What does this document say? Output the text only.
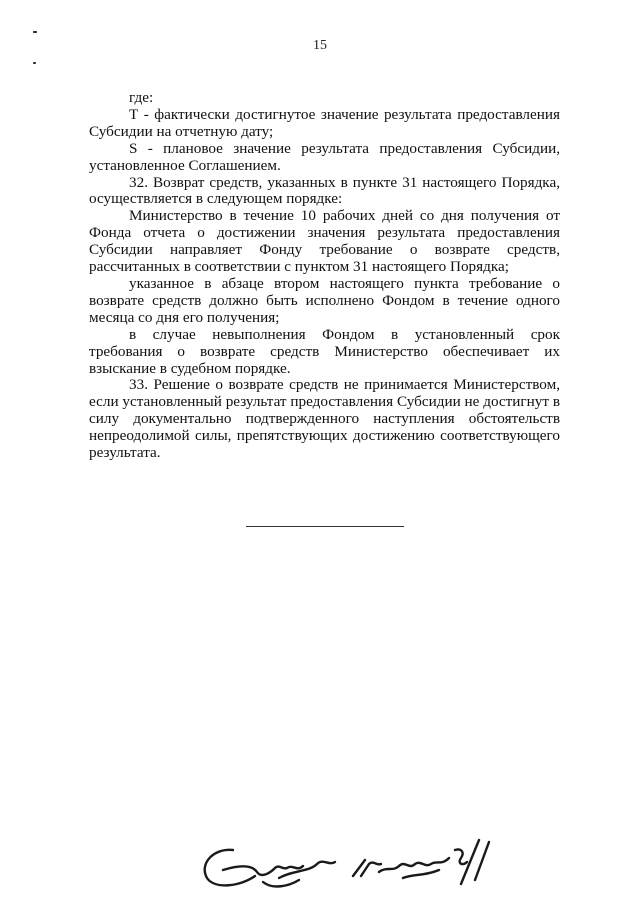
15

где:

Т - фактически достигнутое значение результата предоставления Субсидии на отчетную дату;

S - плановое значение результата предоставления Субсидии, установленное Соглашением.

32. Возврат средств, указанных в пункте 31 настоящего Порядка, осуществляется в следующем порядке:

Министерство в течение 10 рабочих дней со дня получения от Фонда отчета о достижении значения результата предоставления Субсидии направляет Фонду требование о возврате средств, рассчитанных в соответствии с пунктом 31 настоящего Порядка;

указанное в абзаце втором настоящего пункта требование о возврате средств должно быть исполнено Фондом в течение одного месяца со дня его получения;

в случае невыполнения Фондом в установленный срок требования о возврате средств Министерство обеспечивает их взыскание в судебном порядке.

33. Решение о возврате средств не принимается Министерством, если установленный результат предоставления Субсидии не достигнут в силу документально подтвержденного наступления обстоятельств непреодолимой силы, препятствующих достижению соответствующего результата.
